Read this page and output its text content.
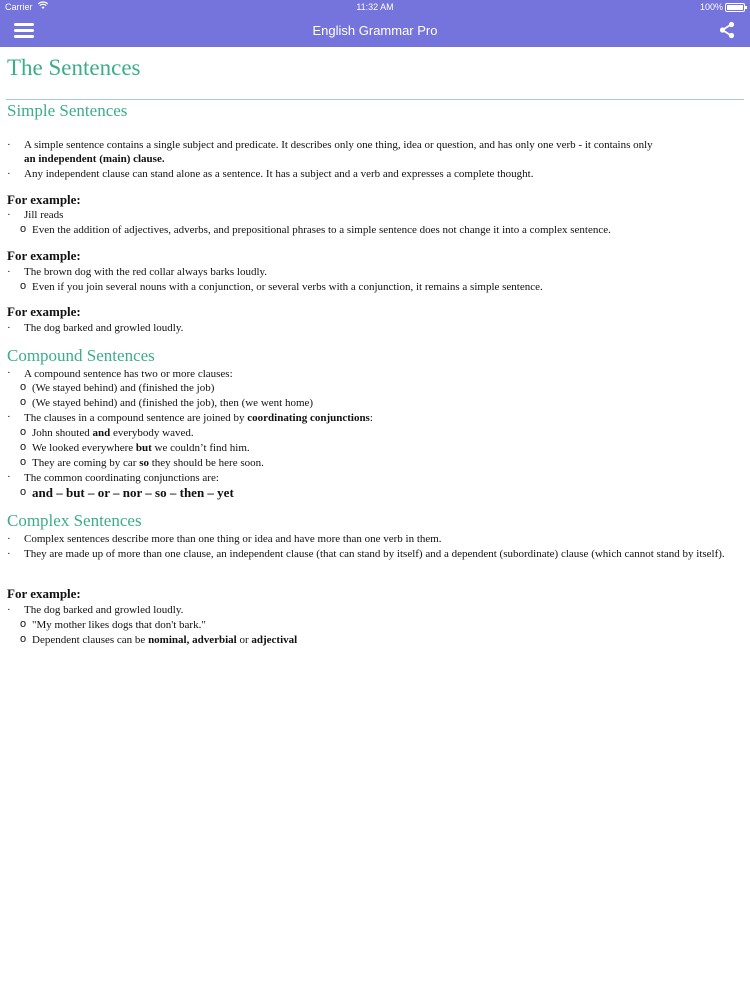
Carrier	11:32 AM	100%
English Grammar Pro
The Sentences
Simple Sentences
· A simple sentence contains a single subject and predicate. It describes only one thing, idea or question, and has only one verb - it contains only
an independent (main) clause.
· Any independent clause can stand alone as a sentence. It has a subject and a verb and expresses a complete thought.
For example:
· Jill reads
o Even the addition of adjectives, adverbs, and prepositional phrases to a simple sentence does not change it into a complex sentence.
For example:
· The brown dog with the red collar always barks loudly.
o Even if you join several nouns with a conjunction, or several verbs with a conjunction, it remains a simple sentence.
For example:
· The dog barked and growled loudly.
Compound Sentences
· A compound sentence has two or more clauses:
o (We stayed behind) and (finished the job)
o (We stayed behind) and (finished the job), then (we went home)
· The clauses in a compound sentence are joined by coordinating conjunctions:
o John shouted and everybody waved.
o We looked everywhere but we couldn’t find him.
o They are coming by car so they should be here soon.
· The common coordinating conjunctions are:
o and – but – or – nor – so – then – yet
Complex Sentences
· Complex sentences describe more than one thing or idea and have more than one verb in them.
· They are made up of more than one clause, an independent clause (that can stand by itself) and a dependent (subordinate) clause (which cannot stand by itself).
For example:
· The dog barked and growled loudly.
o "My mother likes dogs that don't bark."
o Dependent clauses can be nominal, adverbial or adjectival
